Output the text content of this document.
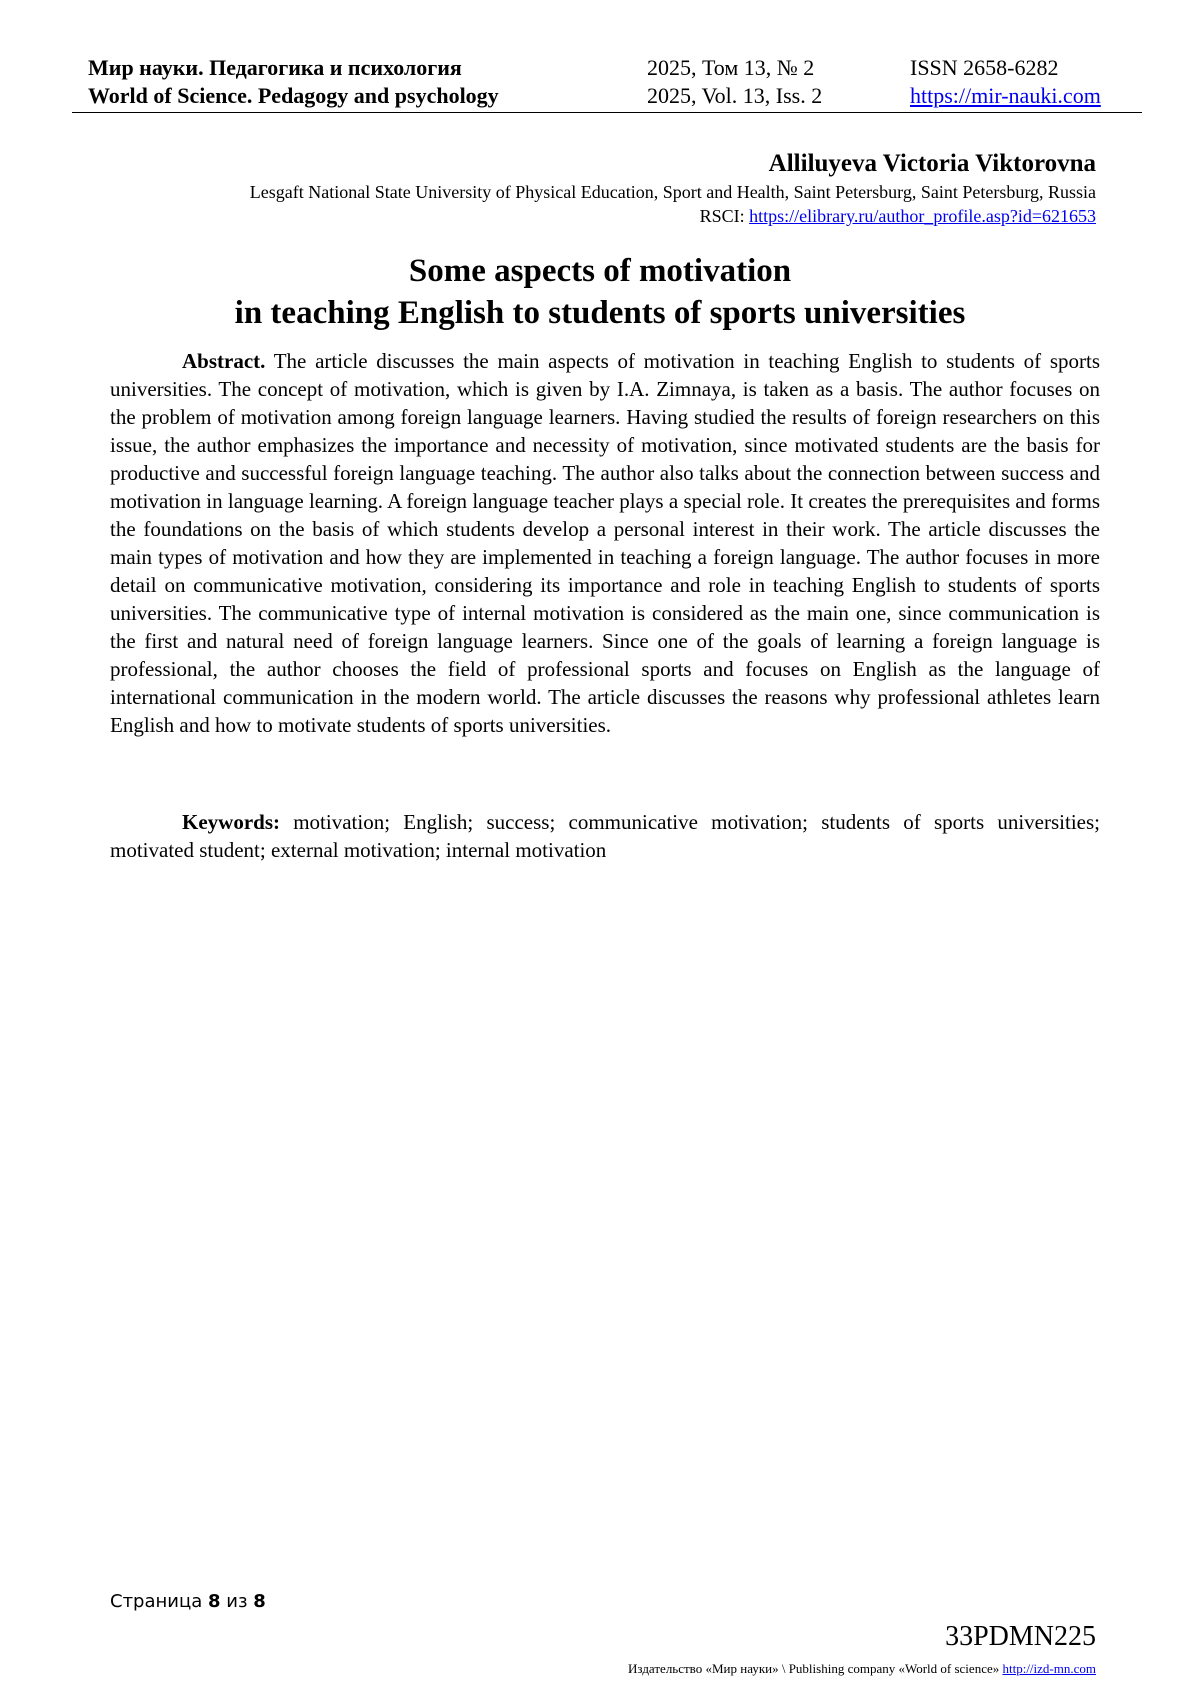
Мир науки. Педагогика и психология
World of Science. Pedagogy and psychology
2025, Том 13, № 2
2025, Vol. 13, Iss. 2
ISSN 2658-6282
https://mir-nauki.com
Alliluyeva Victoria Viktorovna
Lesgaft National State University of Physical Education, Sport and Health, Saint Petersburg, Saint Petersburg, Russia
RSCI: https://elibrary.ru/author_profile.asp?id=621653
Some aspects of motivation
in teaching English to students of sports universities

Abstract. The article discusses the main aspects of motivation in teaching English to students of sports universities. The concept of motivation, which is given by I.A. Zimnaya, is taken as a basis. The author focuses on the problem of motivation among foreign language learners. Having studied the results of foreign researchers on this issue, the author emphasizes the importance and necessity of motivation, since motivated students are the basis for productive and successful foreign language teaching. The author also talks about the connection between success and motivation in language learning. A foreign language teacher plays a special role. It creates the prerequisites and forms the foundations on the basis of which students develop a personal interest in their work. The article discusses the main types of motivation and how they are implemented in teaching a foreign language. The author focuses in more detail on communicative motivation, considering its importance and role in teaching English to students of sports universities. The communicative type of internal motivation is considered as the main one, since communication is the first and natural need of foreign language learners. Since one of the goals of learning a foreign language is professional, the author chooses the field of professional sports and focuses on English as the language of international communication in the modern world. The article discusses the reasons why professional athletes learn English and how to motivate students of sports universities.

Keywords: motivation; English; success; communicative motivation; students of sports universities; motivated student; external motivation; internal motivation

Страница 8 из 8
33PDMN225
Издательство «Мир науки» \ Publishing company «World of science» http://izd-mn.com
